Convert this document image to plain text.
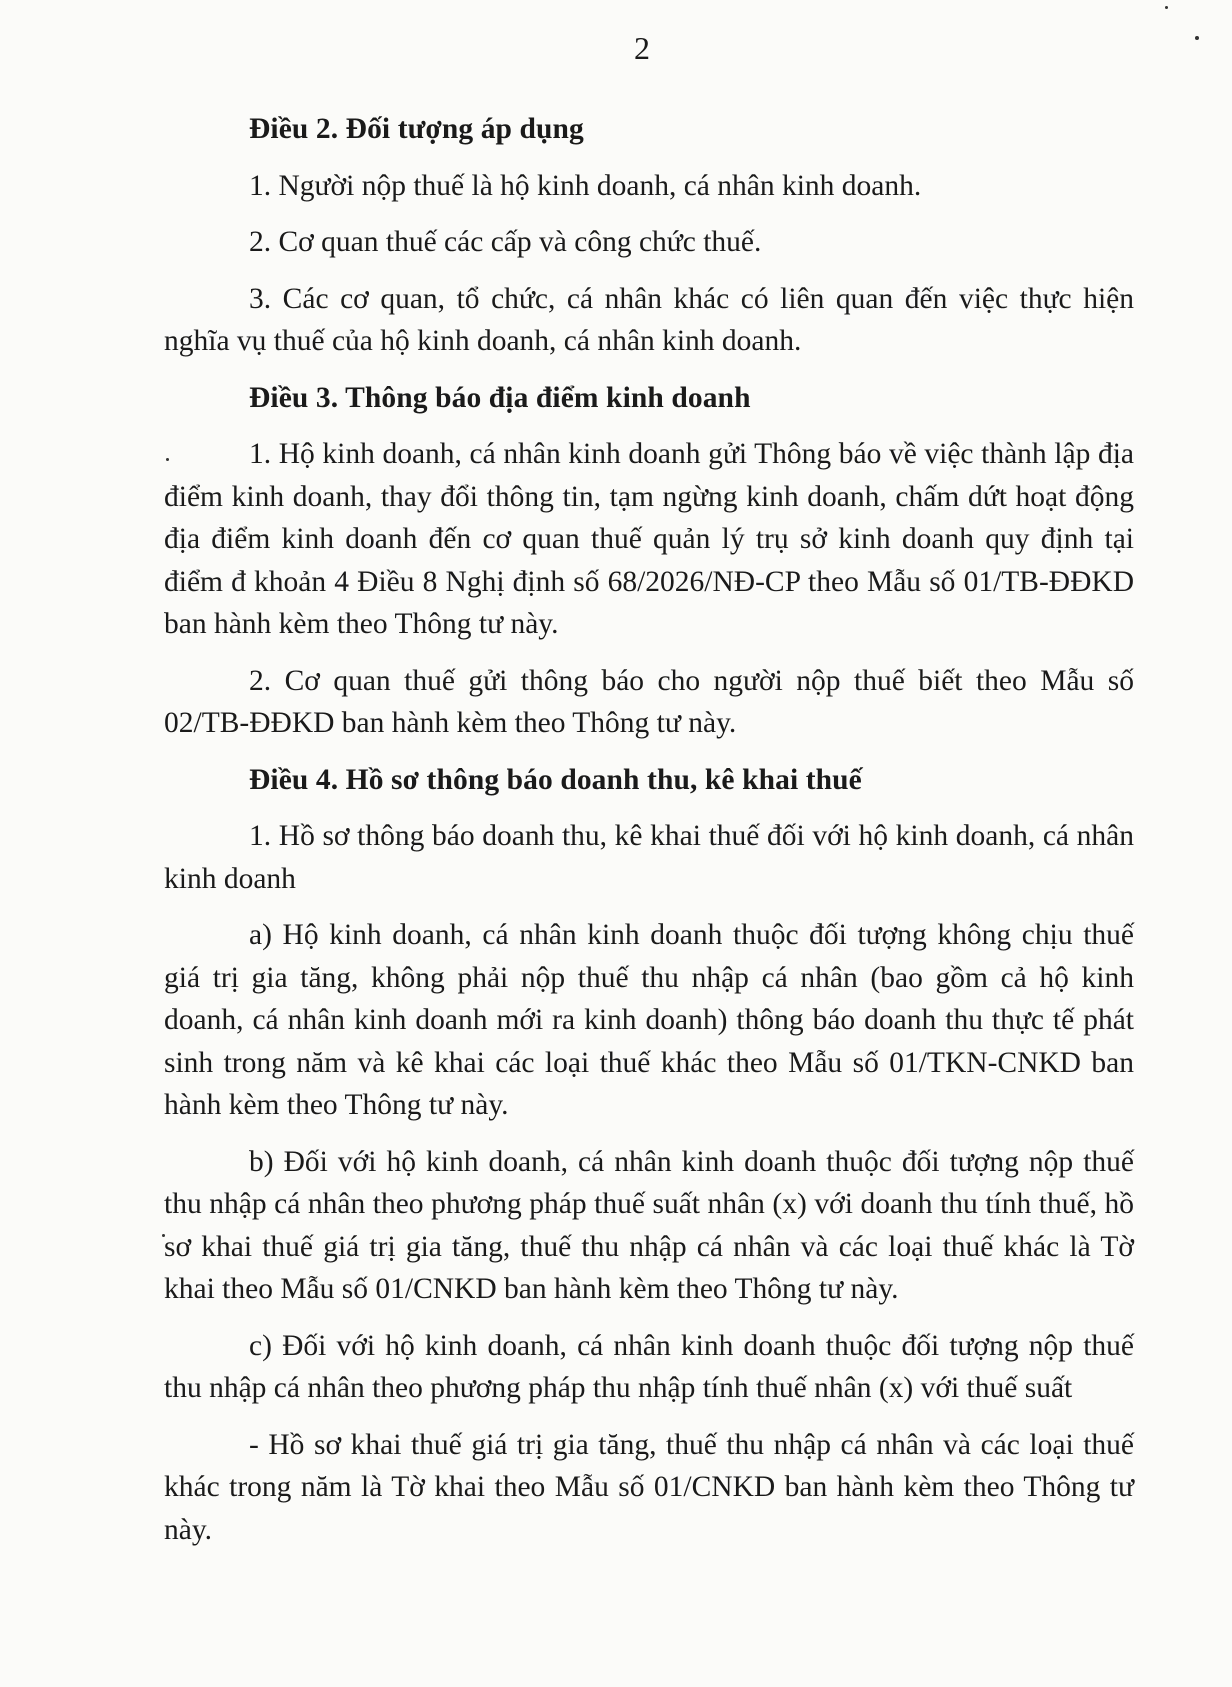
2

Điều 2. Đối tượng áp dụng

1. Người nộp thuế là hộ kinh doanh, cá nhân kinh doanh.

2. Cơ quan thuế các cấp và công chức thuế.

3. Các cơ quan, tổ chức, cá nhân khác có liên quan đến việc thực hiện nghĩa vụ thuế của hộ kinh doanh, cá nhân kinh doanh.

Điều 3. Thông báo địa điểm kinh doanh

1. Hộ kinh doanh, cá nhân kinh doanh gửi Thông báo về việc thành lập địa điểm kinh doanh, thay đổi thông tin, tạm ngừng kinh doanh, chấm dứt hoạt động địa điểm kinh doanh đến cơ quan thuế quản lý trụ sở kinh doanh quy định tại điểm đ khoản 4 Điều 8 Nghị định số 68/2026/NĐ-CP theo Mẫu số 01/TB-ĐĐKD ban hành kèm theo Thông tư này.

2. Cơ quan thuế gửi thông báo cho người nộp thuế biết theo Mẫu số 02/TB-ĐĐKD ban hành kèm theo Thông tư này.

Điều 4. Hồ sơ thông báo doanh thu, kê khai thuế

1. Hồ sơ thông báo doanh thu, kê khai thuế đối với hộ kinh doanh, cá nhân kinh doanh

a) Hộ kinh doanh, cá nhân kinh doanh thuộc đối tượng không chịu thuế giá trị gia tăng, không phải nộp thuế thu nhập cá nhân (bao gồm cả hộ kinh doanh, cá nhân kinh doanh mới ra kinh doanh) thông báo doanh thu thực tế phát sinh trong năm và kê khai các loại thuế khác theo Mẫu số 01/TKN-CNKD ban hành kèm theo Thông tư này.

b) Đối với hộ kinh doanh, cá nhân kinh doanh thuộc đối tượng nộp thuế thu nhập cá nhân theo phương pháp thuế suất nhân (x) với doanh thu tính thuế, hồ sơ khai thuế giá trị gia tăng, thuế thu nhập cá nhân và các loại thuế khác là Tờ khai theo Mẫu số 01/CNKD ban hành kèm theo Thông tư này.

c) Đối với hộ kinh doanh, cá nhân kinh doanh thuộc đối tượng nộp thuế thu nhập cá nhân theo phương pháp thu nhập tính thuế nhân (x) với thuế suất

- Hồ sơ khai thuế giá trị gia tăng, thuế thu nhập cá nhân và các loại thuế khác trong năm là Tờ khai theo Mẫu số 01/CNKD ban hành kèm theo Thông tư này.
